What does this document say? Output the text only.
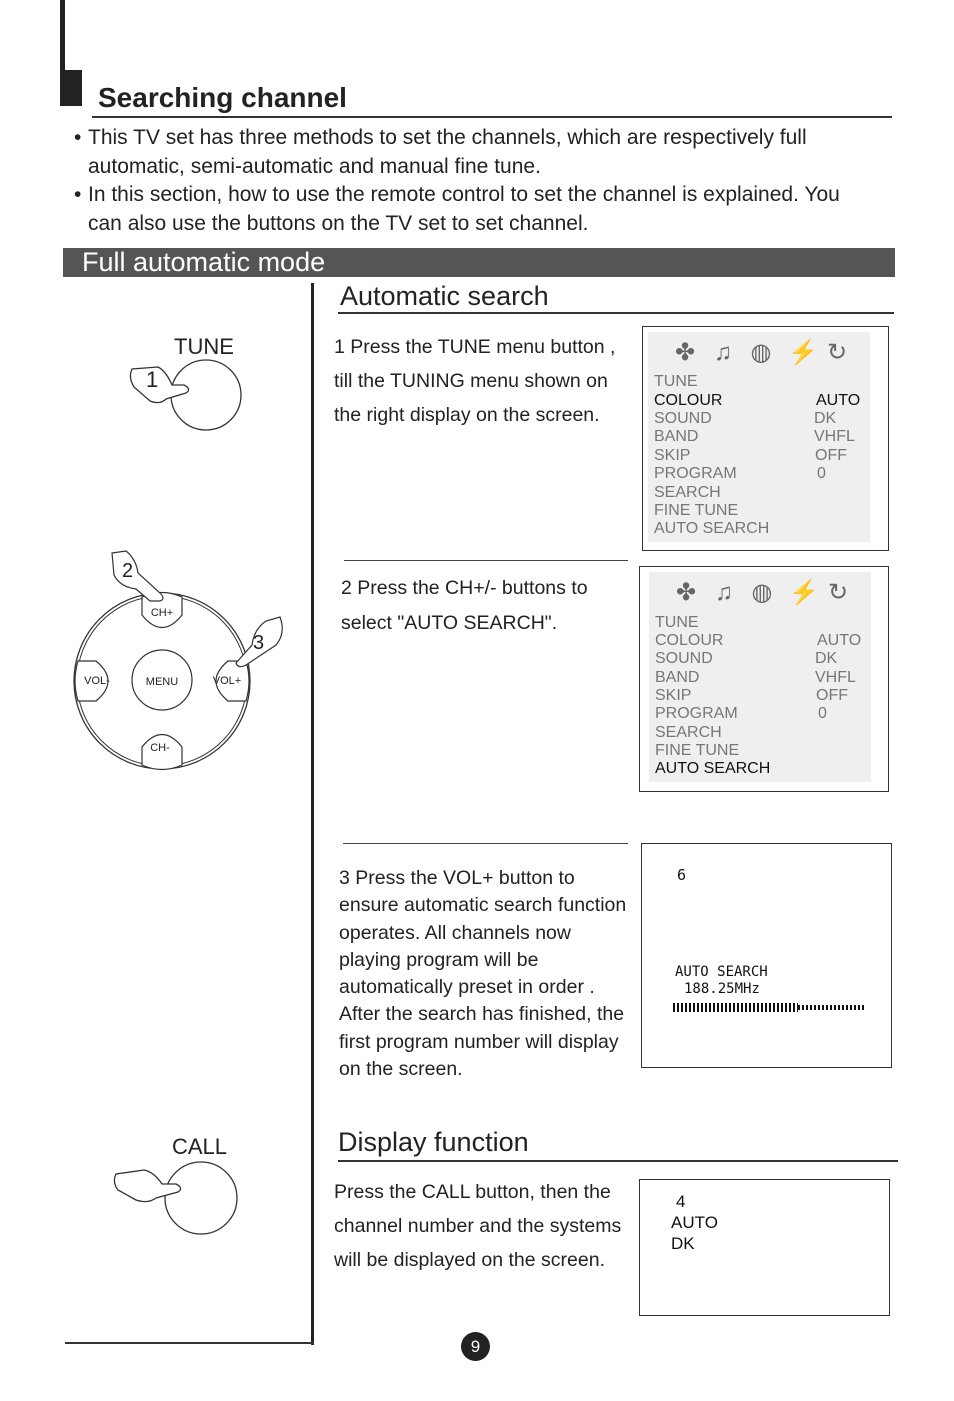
Searching channel
• This TV set has three methods to set the channels, which are respectively full automatic, semi-automatic and manual fine tune.
• In this section, how to use the remote control to set the channel is explained. You can also use the buttons on the TV set to set channel.
Full automatic mode
Automatic search
1 Press the TUNE menu button , till the TUNING menu shown on the right display on the screen.
2 Press the CH+/- buttons to select "AUTO SEARCH".
3 Press the VOL+ button to ensure automatic search function operates. All channels now playing program will be automatically preset in order . After the search has finished, the first program number will display on the screen.
✤ ♫ ◍ ⚡ ↻
TUNE
COLOUR	AUTO
SOUND	DK
BAND	VHFL
SKIP	OFF
PROGRAM	0
SEARCH
FINE TUNE
AUTO SEARCH
✤ ♫ ◍ ⚡ ↻
TUNE
COLOUR	AUTO
SOUND	DK
BAND	VHFL
SKIP	OFF
PROGRAM	0
SEARCH
FINE TUNE
AUTO SEARCH
6
AUTO SEARCH
188.25MHz
Display function
Press the CALL button, then the channel number and the systems will be displayed on the screen.
4
AUTO
DK
TUNE
1
CH+
CH-
VOL-	VOL+
MENU
2
3
CALL
9
